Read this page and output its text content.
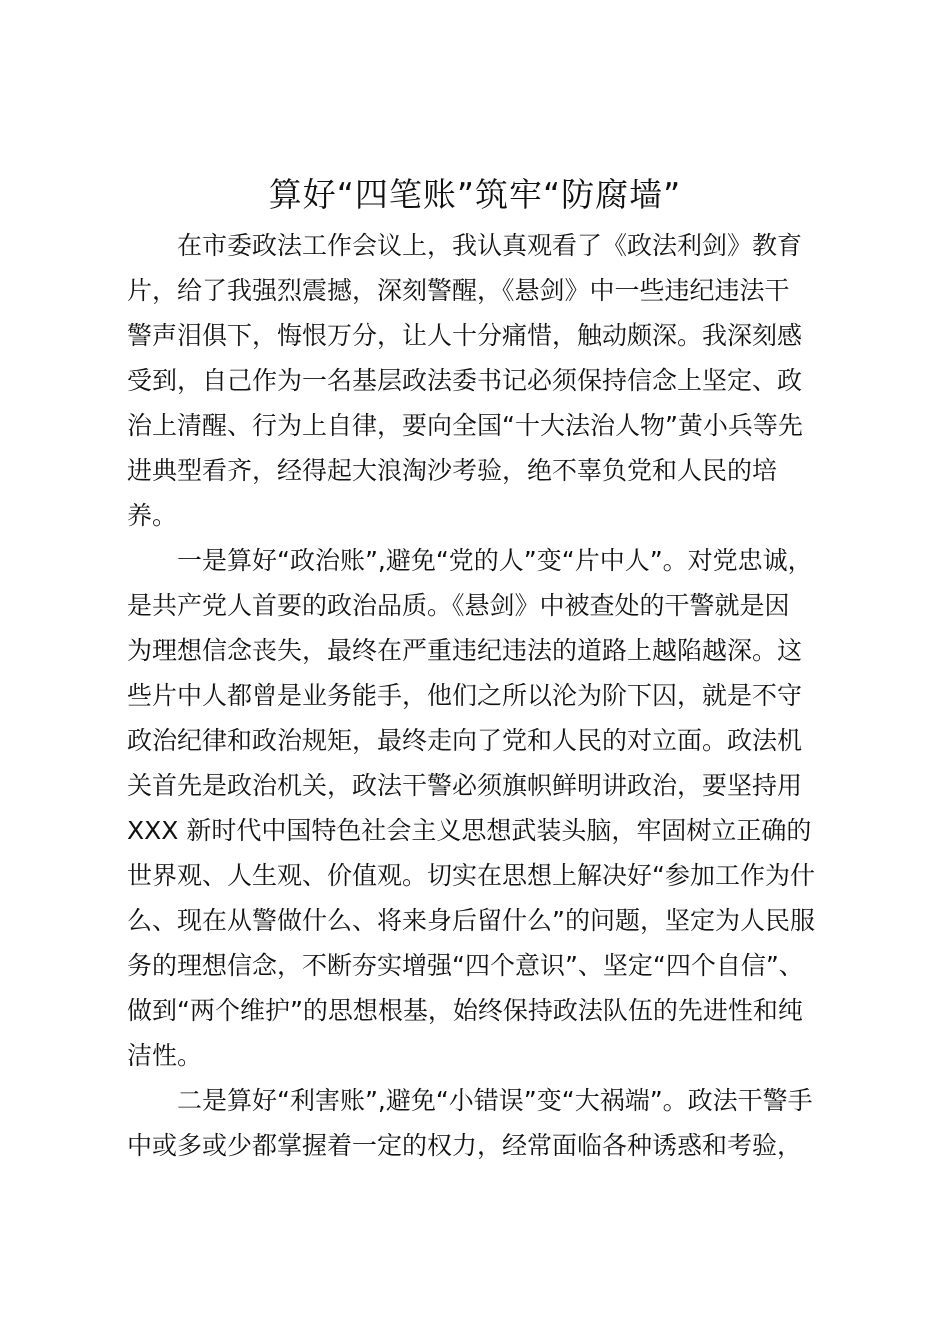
算好“四笔账”筑牢“防腐墙”

在市委政法工作会议上，我认真观看了《政法利剑》教育

片，给了我强烈震撼，深刻警醒，《悬剑》中一些违纪违法干

警声泪俱下，悔恨万分，让人十分痛惜，触动颇深。我深刻感

受到，自己作为一名基层政法委书记必须保持信念上坚定、政

治上清醒、行为上自律，要向全国“十大法治人物”黄小兵等先

进典型看齐，经得起大浪淘沙考验，绝不辜负党和人民的培

养。

一是算好“政治账”,避免“党的人”变“片中人”。对党忠诚，

是共产党人首要的政治品质。《悬剑》中被查处的干警就是因

为理想信念丧失，最终在严重违纪违法的道路上越陷越深。这

些片中人都曾是业务能手，他们之所以沦为阶下囚，就是不守

政治纪律和政治规矩，最终走向了党和人民的对立面。政法机

关首先是政治机关，政法干警必须旗帜鲜明讲政治，要坚持用

XXX 新时代中国特色社会主义思想武装头脑，牢固树立正确的

世界观、人生观、价值观。切实在思想上解决好“参加工作为什

么、现在从警做什么、将来身后留什么”的问题，坚定为人民服

务的理想信念，不断夯实增强“四个意识”、坚定“四个自信”、

做到“两个维护”的思想根基，始终保持政法队伍的先进性和纯

洁性。

二是算好“利害账”,避免“小错误”变“大祸端”。政法干警手

中或多或少都掌握着一定的权力，经常面临各种诱惑和考验，
